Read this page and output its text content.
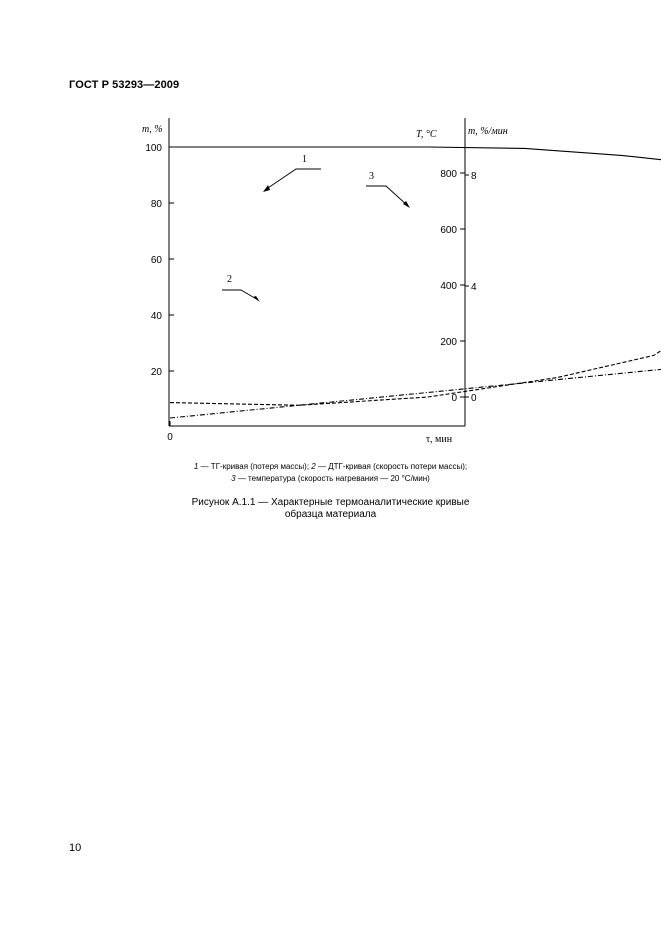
ГОСТ Р 53293—2009
20
40
60
80
100
0
0
200
400
600
800
0
4
8
m, %	T, °C	m, %/мин
τ, мин
1
2
3
1 — ТГ-кривая (потеря массы); 2 — ДТГ-кривая (скорость потери массы);
3 — температура (скорость нагревания — 20 °С/мин)
Рисунок А.1.1 — Характерные термоаналитические кривые
образца материала
10
